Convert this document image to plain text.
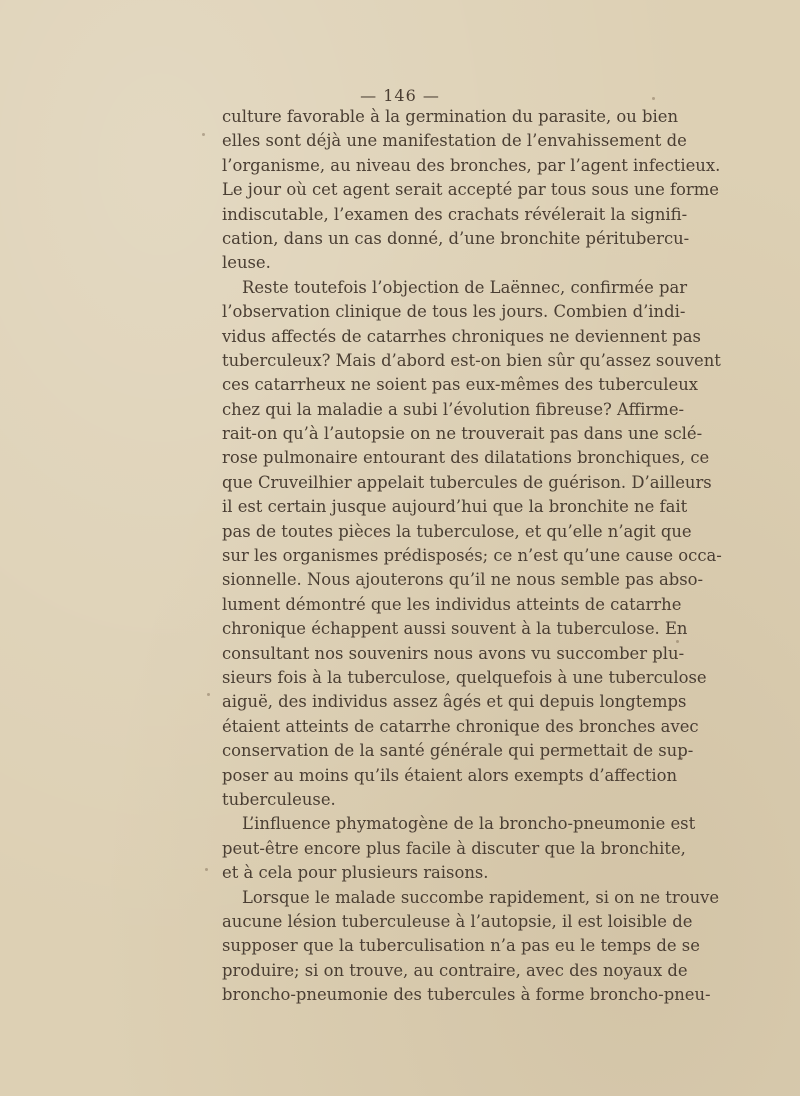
— 146 —
culture favorable à la germination du parasite, ou bien
elles sont déjà une manifestation de l’envahissement de
l’organisme, au niveau des bronches, par l’agent infectieux.
Le jour où cet agent serait accepté par tous sous une forme
indiscutable, l’examen des crachats révélerait la signifi-
cation, dans un cas donné, d’une bronchite péritubercu-
leuse.
Reste toutefois l’objection de Laënnec, confirmée par
l’observation clinique de tous les jours. Combien d’indi-
vidus affectés de catarrhes chroniques ne deviennent pas
tuberculeux? Mais d’abord est-on bien sûr qu’assez souvent
ces catarrheux ne soient pas eux-mêmes des tuberculeux
chez qui la maladie a subi l’évolution fibreuse? Affirme-
rait-on qu’à l’autopsie on ne trouverait pas dans une sclé-
rose pulmonaire entourant des dilatations bronchiques, ce
que Cruveilhier appelait tubercules de guérison. D’ailleurs
il est certain jusque aujourd’hui que la bronchite ne fait
pas de toutes pièces la tuberculose, et qu’elle n’agit que
sur les organismes prédisposés; ce n’est qu’une cause occa-
sionnelle. Nous ajouterons qu’il ne nous semble pas abso-
lument démontré que les individus atteints de catarrhe
chronique échappent aussi souvent à la tuberculose. En
consultant nos souvenirs nous avons vu succomber plu-
sieurs fois à la tuberculose, quelquefois à une tuberculose
aiguë, des individus assez âgés et qui depuis longtemps
étaient atteints de catarrhe chronique des bronches avec
conservation de la santé générale qui permettait de sup-
poser au moins qu’ils étaient alors exempts d’affection
tuberculeuse.
L’influence phymatogène de la broncho-pneumonie est
peut-être encore plus facile à discuter que la bronchite,
et à cela pour plusieurs raisons.
Lorsque le malade succombe rapidement, si on ne trouve
aucune lésion tuberculeuse à l’autopsie, il est loisible de
supposer que la tuberculisation n’a pas eu le temps de se
produire; si on trouve, au contraire, avec des noyaux de
broncho-pneumonie des tubercules à forme broncho-pneu-
